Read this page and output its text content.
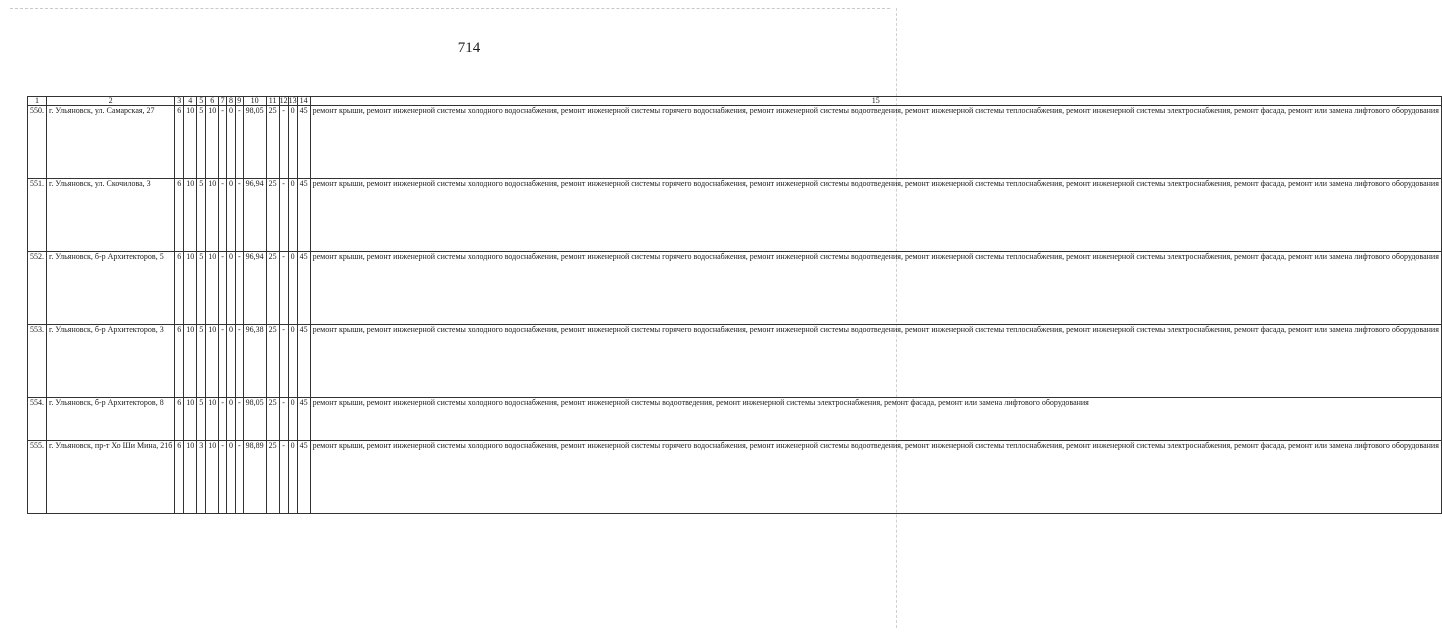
714
1	2	3	4	5	6	7	8	9	10	11	12	13	14	15
550.	г. Ульяновск, ул. Самарская, 27	6	10	5	10	-	0	-	98,05	25	-	0	45	ремонт крыши, ремонт инженерной системы холодного водоснабжения, ремонт инженерной системы горячего водоснабжения, ремонт инженерной системы водоотведения, ремонт инженерной системы теплоснабжения, ремонт инженерной системы электроснабжения, ремонт фасада, ремонт или замена лифтового оборудования
551.	г. Ульяновск, ул. Скочилова, 3	6	10	5	10	-	0	-	96,94	25	-	0	45	ремонт крыши, ремонт инженерной системы холодного водоснабжения, ремонт инженерной системы горячего водоснабжения, ремонт инженерной системы водоотведения, ремонт инженерной системы теплоснабжения, ремонт инженерной системы электроснабжения, ремонт фасада, ремонт или замена лифтового оборудования
552.	г. Ульяновск, б-р Архитекторов, 5	6	10	5	10	-	0	-	96,94	25	-	0	45	ремонт крыши, ремонт инженерной системы холодного водоснабжения, ремонт инженерной системы горячего водоснабжения, ремонт инженерной системы водоотведения, ремонт инженерной системы теплоснабжения, ремонт инженерной системы электроснабжения, ремонт фасада, ремонт или замена лифтового оборудования
553.	г. Ульяновск, б-р Архитекторов, 3	6	10	5	10	-	0	-	96,38	25	-	0	45	ремонт крыши, ремонт инженерной системы холодного водоснабжения, ремонт инженерной системы горячего водоснабжения, ремонт инженерной системы водоотведения, ремонт инженерной системы теплоснабжения, ремонт инженерной системы электроснабжения, ремонт фасада, ремонт или замена лифтового оборудования
554.	г. Ульяновск, б-р Архитекторов, 8	6	10	5	10	-	0	-	98,05	25	-	0	45	ремонт крыши, ремонт инженерной системы холодного водоснабжения, ремонт инженерной системы водоотведения, ремонт инженерной системы электроснабжения, ремонт фасада, ремонт или замена лифтового оборудования
555.	г. Ульяновск, пр-т Хо Ши Мина, 21б	6	10	3	10	-	0	-	98,89	25	-	0	45	ремонт крыши, ремонт инженерной системы холодного водоснабжения, ремонт инженерной системы горячего водоснабжения, ремонт инженерной системы водоотведения, ремонт инженерной системы теплоснабжения, ремонт инженерной системы электроснабжения, ремонт фасада, ремонт или замена лифтового оборудования
